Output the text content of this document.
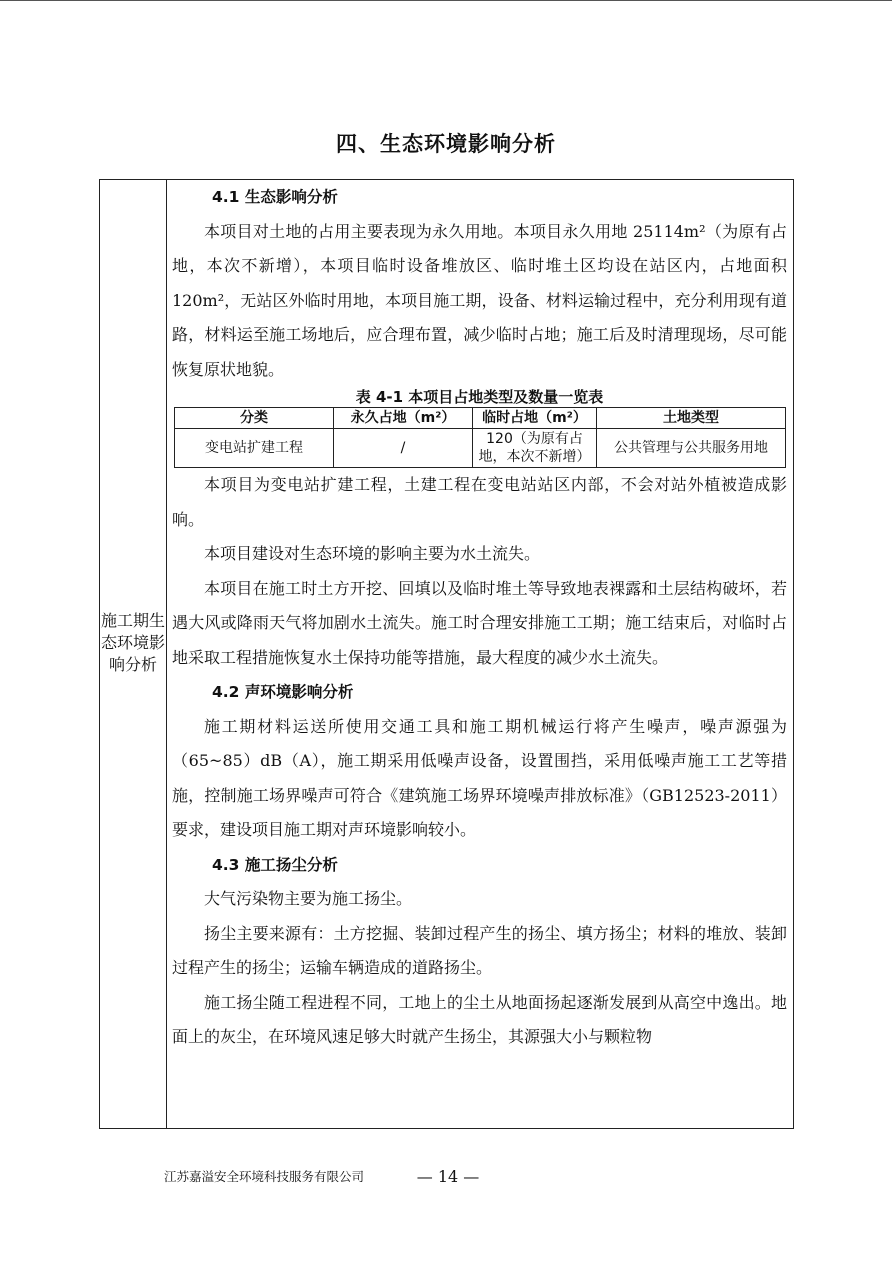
四、生态环境影响分析
施工期生态环境影响分析

4.1 生态影响分析

本项目对土地的占用主要表现为永久用地。本项目永久用地 25114m²（为原有占地，本次不新增），本项目临时设备堆放区、临时堆土区均设在站区内，占地面积 120m²，无站区外临时用地，本项目施工期，设备、材料运输过程中，充分利用现有道路，材料运至施工场地后，应合理布置，减少临时占地；施工后及时清理现场，尽可能恢复原状地貌。

表 4-1 本项目占地类型及数量一览表
分类	永久占地（m²）	临时占地（m²）	土地类型
变电站扩建工程	/	120（为原有占地，本次不新增）	公共管理与公共服务用地

本项目为变电站扩建工程，土建工程在变电站站区内部，不会对站外植被造成影响。

本项目建设对生态环境的影响主要为水土流失。

本项目在施工时土方开挖、回填以及临时堆土等导致地表裸露和土层结构破坏，若遇大风或降雨天气将加剧水土流失。施工时合理安排施工工期；施工结束后，对临时占地采取工程措施恢复水土保持功能等措施，最大程度的减少水土流失。

4.2 声环境影响分析

施工期材料运送所使用交通工具和施工期机械运行将产生噪声，噪声源强为（65~85）dB（A），施工期采用低噪声设备，设置围挡，采用低噪声施工工艺等措施，控制施工场界噪声可符合《建筑施工场界环境噪声排放标准》（GB12523-2011）要求，建设项目施工期对声环境影响较小。

4.3 施工扬尘分析

大气污染物主要为施工扬尘。

扬尘主要来源有：土方挖掘、装卸过程产生的扬尘、填方扬尘；材料的堆放、装卸过程产生的扬尘；运输车辆造成的道路扬尘。

施工扬尘随工程进程不同，工地上的尘土从地面扬起逐渐发展到从高空中逸出。地面上的灰尘，在环境风速足够大时就产生扬尘，其源强大小与颗粒物

江苏嘉溢安全环境科技服务有限公司	— 14 —
